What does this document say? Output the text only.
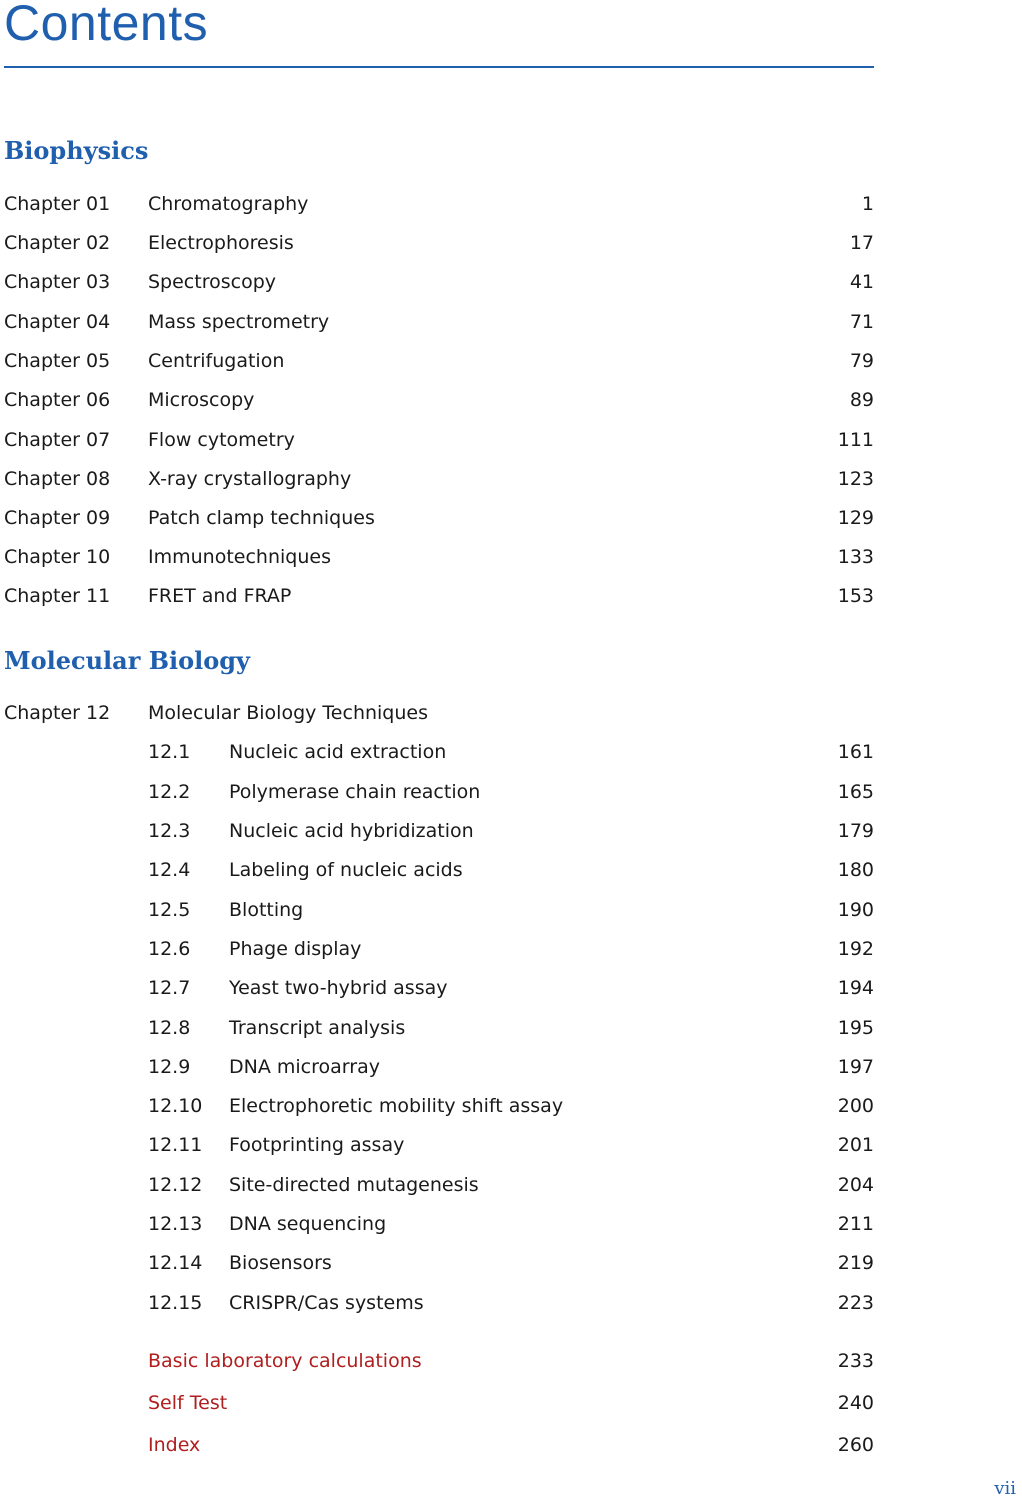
Contents
Biophysics
Chapter 01 Chromatography	1
Chapter 02 Electrophoresis	17
Chapter 03 Spectroscopy	41
Chapter 04 Mass spectrometry	71
Chapter 05 Centrifugation	79
Chapter 06 Microscopy	89
Chapter 07 Flow cytometry	111
Chapter 08 X-ray crystallography	123
Chapter 09 Patch clamp techniques	129
Chapter 10 Immunotechniques	133
Chapter 11 FRET and FRAP	153
Molecular Biology
Chapter 12 Molecular Biology Techniques
12.1 Nucleic acid extraction	161
12.2 Polymerase chain reaction	165
12.3 Nucleic acid hybridization	179
12.4 Labeling of nucleic acids	180
12.5 Blotting	190
12.6 Phage display	192
12.7 Yeast two-hybrid assay	194
12.8 Transcript analysis	195
12.9 DNA microarray	197
12.10 Electrophoretic mobility shift assay	200
12.11 Footprinting assay	201
12.12 Site-directed mutagenesis	204
12.13 DNA sequencing	211
12.14 Biosensors	219
12.15 CRISPR/Cas systems	223
Basic laboratory calculations	233
Self Test	240
Index	260
vii
